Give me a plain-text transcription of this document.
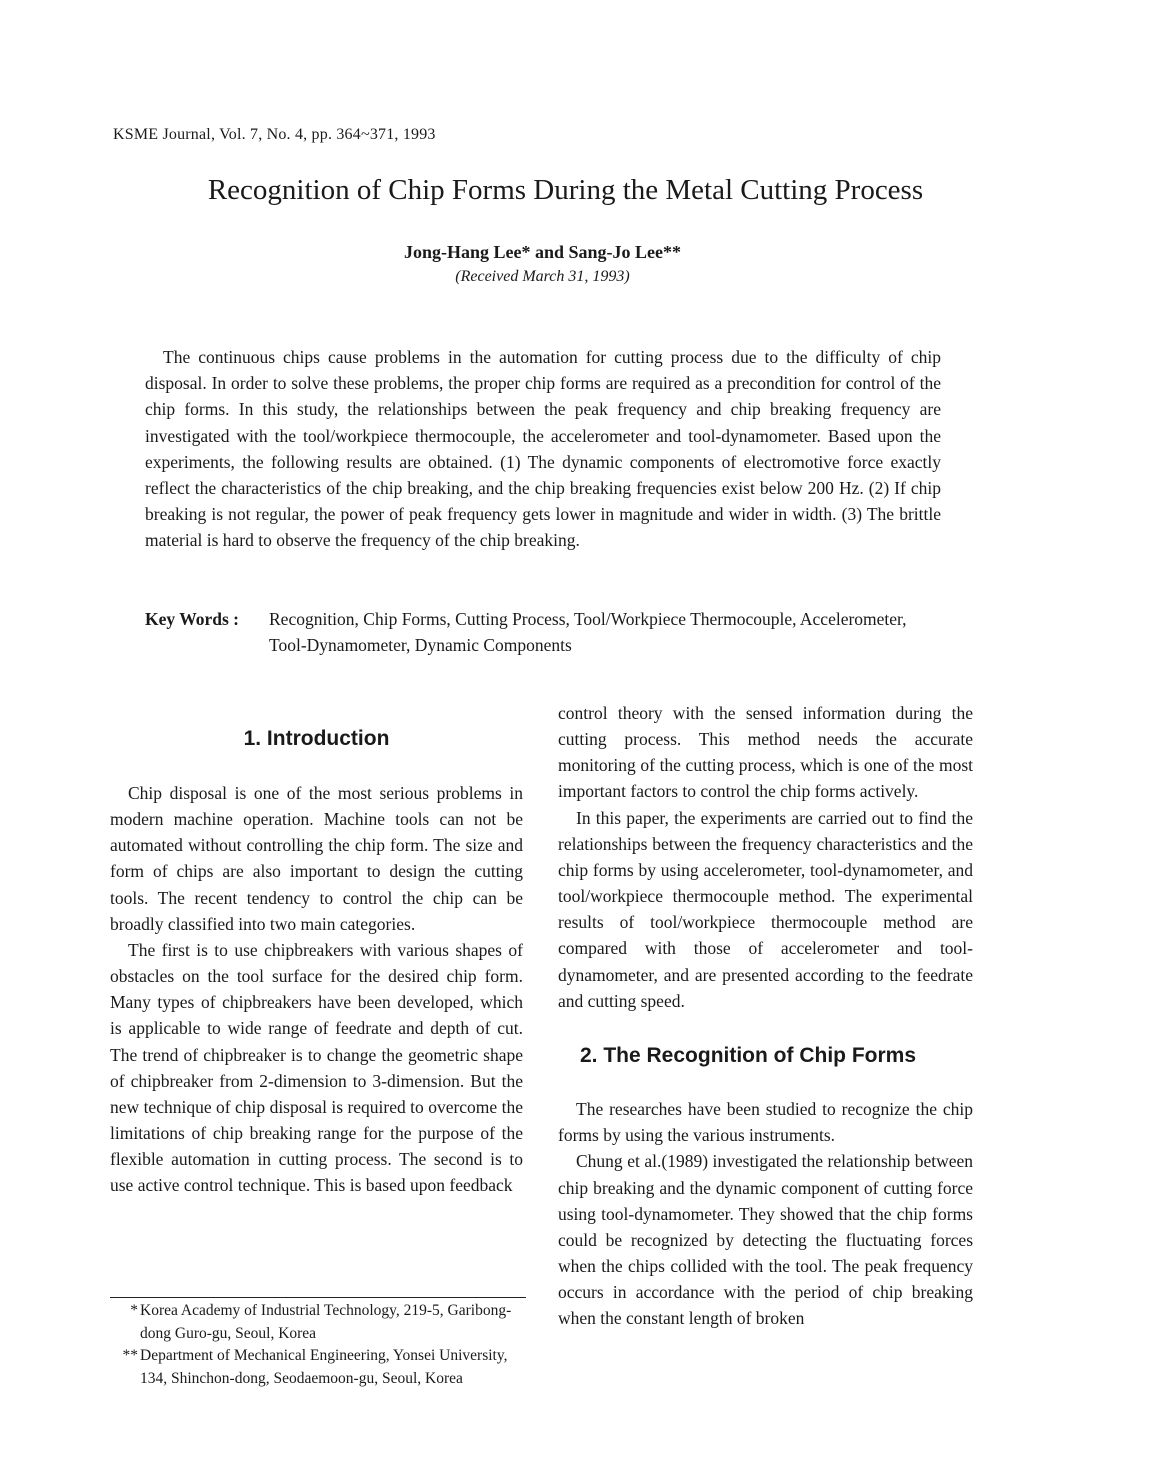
KSME Journal, Vol. 7, No. 4, pp. 364~371, 1993
Recognition of Chip Forms During the Metal Cutting Process
Jong-Hang Lee* and Sang-Jo Lee**
(Received March 31, 1993)

The continuous chips cause problems in the automation for cutting process due to the difficulty of chip disposal. In order to solve these problems, the proper chip forms are required as a precondition for control of the chip forms. In this study, the relationships between the peak frequency and chip breaking frequency are investigated with the tool/workpiece thermocouple, the accelerometer and tool-dynamometer. Based upon the experiments, the following results are obtained. (1) The dynamic components of electromotive force exactly reflect the characteristics of the chip breaking, and the chip breaking frequencies exist below 200 Hz. (2) If chip breaking is not regular, the power of peak frequency gets lower in magnitude and wider in width. (3) The brittle material is hard to observe the frequency of the chip breaking.

Key Words :	Recognition, Chip Forms, Cutting Process, Tool/Workpiece Thermocouple, Accelerometer, Tool-Dynamometer, Dynamic Components
1. Introduction

Chip disposal is one of the most serious problems in modern machine operation. Machine tools can not be automated without controlling the chip form. The size and form of chips are also important to design the cutting tools. The recent tendency to control the chip can be broadly classified into two main categories.

The first is to use chipbreakers with various shapes of obstacles on the tool surface for the desired chip form. Many types of chipbreakers have been developed, which is applicable to wide range of feedrate and depth of cut. The trend of chipbreaker is to change the geometric shape of chipbreaker from 2-dimension to 3-dimension. But the new technique of chip disposal is required to overcome the limitations of chip breaking range for the purpose of the flexible automation in cutting process. The second is to use active control technique. This is based upon feedback

control theory with the sensed information during the cutting process. This method needs the accurate monitoring of the cutting process, which is one of the most important factors to control the chip forms actively.

In this paper, the experiments are carried out to find the relationships between the frequency characteristics and the chip forms by using accelerometer, tool-dynamometer, and tool/workpiece thermocouple method. The experimental results of tool/workpiece thermocouple method are compared with those of accelerometer and tool-dynamometer, and are presented according to the feedrate and cutting speed.

2. The Recognition of Chip Forms

The researches have been studied to recognize the chip forms by using the various instruments.

Chung et al.(1989) investigated the relationship between chip breaking and the dynamic component of cutting force using tool-dynamometer. They showed that the chip forms could be recognized by detecting the fluctuating forces when the chips collided with the tool. The peak frequency occurs in accordance with the period of chip breaking when the constant length of broken

* Korea Academy of Industrial Technology, 219-5, Garibong-dong Guro-gu, Seoul, Korea
** Department of Mechanical Engineering, Yonsei University, 134, Shinchon-dong, Seodaemoon-gu, Seoul, Korea
